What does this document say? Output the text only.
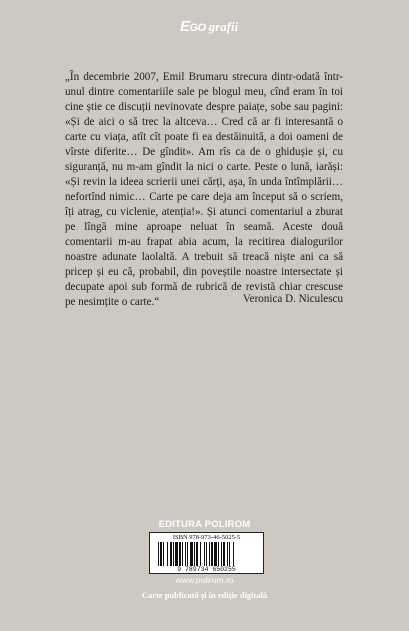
EGO grafii

„În decembrie 2007, Emil Brumaru strecura dintr-odată într-unul dintre comentariile sale pe blogul meu, cînd eram în toi cine știe ce discuții nevinovate despre paiațe, sobe sau pagini: «Și de aici o să trec la altceva… Cred că ar fi interesantă o carte cu viața, atît cît poate fi ea destăinuită, a doi oameni de vîrste diferite… De gîndit». Am rîs ca de o ghidușie și, cu siguranță, nu m-am gîndit la nici o carte. Peste o lună, iarăși: «Și revin la ideea scrierii unei cărți, așa, în unda întîmplării… nefortînd nimic… Carte pe care deja am început să o scriem, îți atrag, cu viclenie, atenția!». Și atunci comentariul a zburat pe lîngă mine aproape neluat în seamă. Aceste două comentarii m-au frapat abia acum, la recitirea dialogurilor noastre adunate laolaltă. A trebuit să treacă niște ani ca să pricep și eu că, probabil, din poveștile noastre intersectate și decupate apoi sub formă de rubrică de revistă chiar crescuse pe nesimțite o carte.“	Veronica D. Niculescu
EDITURA POLIROM
ISBN 978-973-46-5025-5
9 789734 650255
www.polirom.ro
Carte publicată și în ediție digitală
